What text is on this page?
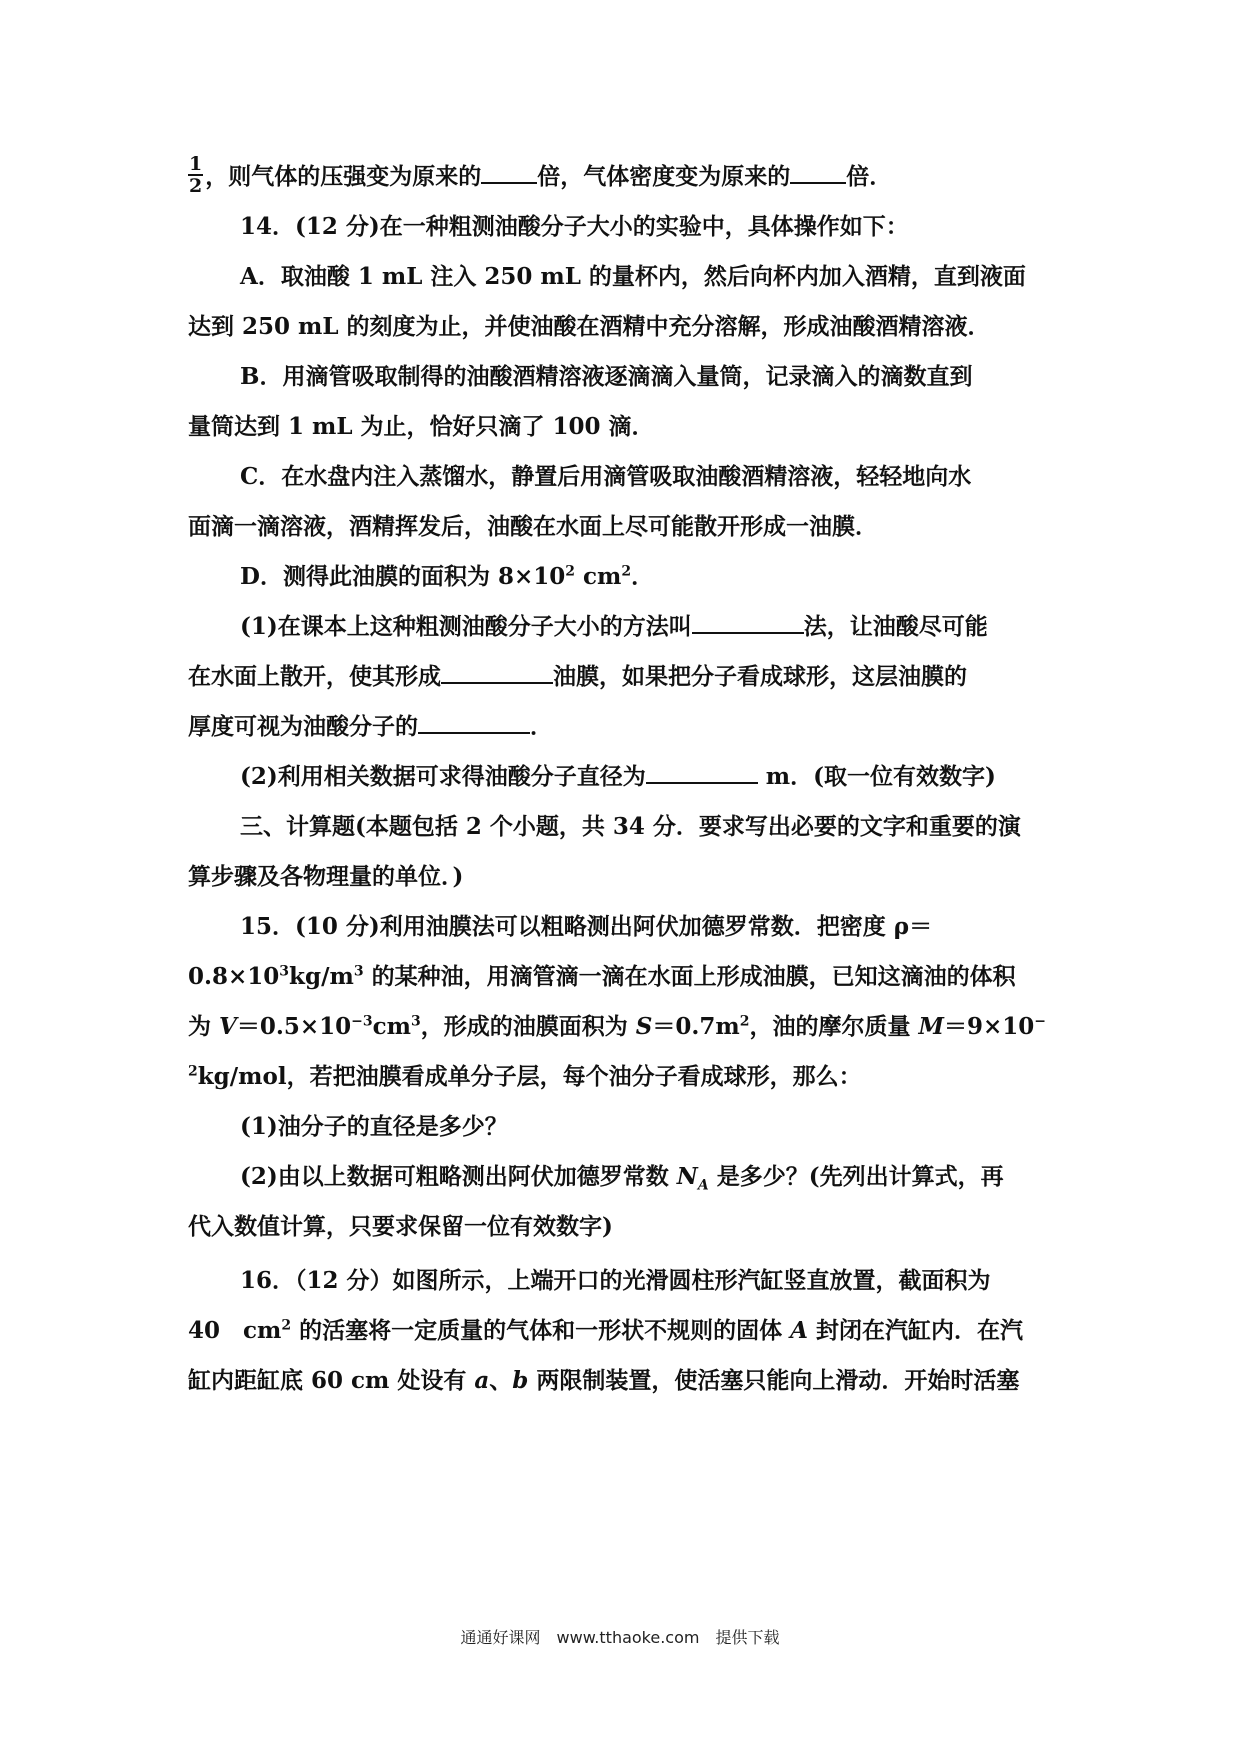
$\frac{1}{2}$ ，则气体的压强变为原来的 倍，气体密度变为原来的 倍．
14．(12 分)在一种粗测油酸分子大小的实验中，具体操作如下：
A．取油酸 1 mL 注入 250 mL 的量杯内，然后向杯内加入酒精，直到液面
达到 250 mL 的刻度为止，并使油酸在酒精中充分溶解，形成油酸酒精溶液．
B．用滴管吸取制得的油酸酒精溶液逐滴滴入量筒，记录滴入的滴数直到
量筒达到 1 mL 为止，恰好只滴了 100 滴．
C．在水盘内注入蒸馏水，静置后用滴管吸取油酸酒精溶液，轻轻地向水
面滴一滴溶液，酒精挥发后，油酸在水面上尽可能散开形成一油膜．
D．测得此油膜的面积为 $8\times 10^2$ $cm^2$．
(1)在课本上这种粗测油酸分子大小的方法叫	法，让油酸尽可能
在水面上散开，使其形成	油膜，如果把分子看成球形，这层油膜的
厚度可视为油酸分子的	．
(2)利用相关数据可求得油酸分子直径为	m．(取一位有效数字)
三、计算题(本题包括 2 个小题，共 34 分．要求写出必要的文字和重要的演
算步骤及各物理量的单位．)
15．(10 分)利用油膜法可以粗略测出阿伏加德罗常数．把密度 ρ＝
$0.8\times 10^3kg/m^3$ 的某种油，用滴管滴一滴在水面上形成油膜，已知这滴油的体积
为 $V=0.5\times 10^{-3}cm^3$，形成的油膜面积为 $S=0.7m^2$，油的摩尔质量 M＝9×10−
$^2$kg/mol，若把油膜看成单分子层，每个油分子看成球形，那么：
(1)油分子的直径是多少？
(2)由以上数据可粗略测出阿伏加德罗常数 $N_A$ 是多少？(先列出计算式，再
代入数值计算，只要求保留一位有效数字)
16．（12 分）如图所示，上端开口的光滑圆柱形汽缸竖直放置，截面积为
40　$cm^2$ 的活塞将一定质量的气体和一形状不规则的固体 A 封闭在汽缸内．在汽
缸内距缸底 60 cm 处设有 a、b 两限制装置，使活塞只能向上滑动．开始时活塞
通通好课网　www.tthaoke.com　提供下载
